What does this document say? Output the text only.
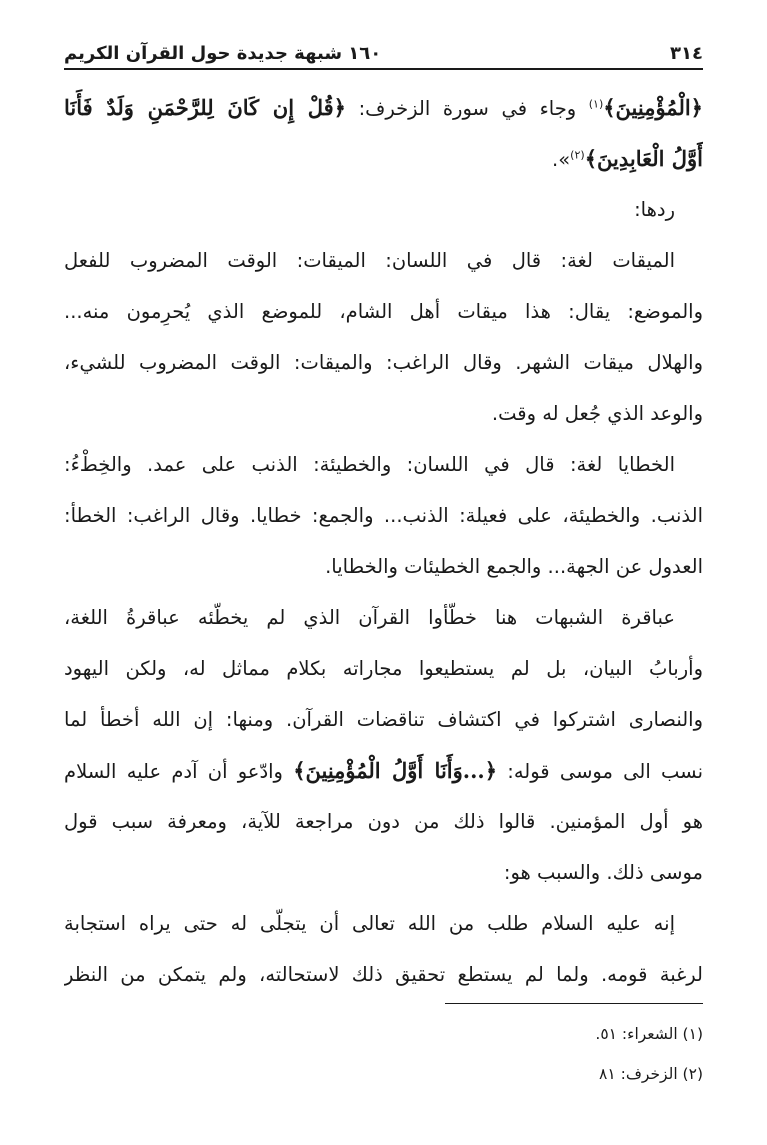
٣١٤
١٦٠ شبهة جديدة حول القرآن الكريم
﴿الْمُؤْمِنِينَ﴾$^{(١)}$ وجاء في سورة الزخرف: ﴿قُلْ إِن كَانَ لِلرَّحْمَنِ وَلَدٌ فَأَنَا
أَوَّلُ الْعَابِدِينَ﴾$^{(٢)}$».
ردها:
الميقات لغة: قال في اللسان: الميقات: الوقت المضروب للفعل
والموضع: يقال: هذا ميقات أهل الشام، للموضع الذي يُحرِمون منه...
والهلال ميقات الشهر. وقال الراغب: والميقات: الوقت المضروب للشيء،
والوعد الذي جُعل له وقت.
الخطايا لغة: قال في اللسان: والخطيئة: الذنب على عمد. والخِطْءُ:
الذنب. والخطيئة، على فعيلة: الذنب... والجمع: خطايا. وقال الراغب: الخطأ:
العدول عن الجهة... والجمع الخطيئات والخطايا.
عباقرة الشبهات هنا خطّأوا القرآن الذي لم يخطّئه عباقرةُ اللغة،
وأربابُ البيان، بل لم يستطيعوا مجاراته بكلام مماثل له، ولكن اليهود
والنصارى اشتركوا في اكتشاف تناقضات القرآن. ومنها: إن الله أخطأ لما
نسب الى موسى قوله: ﴿...وَأَنَا أَوَّلُ الْمُؤْمِنِينَ﴾ وادّعو أن آدم عليه السلام
هو أول المؤمنين. قالوا ذلك من دون مراجعة للآية، ومعرفة سبب قول
موسى ذلك. والسبب هو:
إنه عليه السلام طلب من الله تعالى أن يتجلّى له حتى يراه استجابة
لرغبة قومه. ولما لم يستطع تحقيق ذلك لاستحالته، ولم يتمكن من النظر
(١) الشعراء: ٥١.
(٢) الزخرف: ٨١
